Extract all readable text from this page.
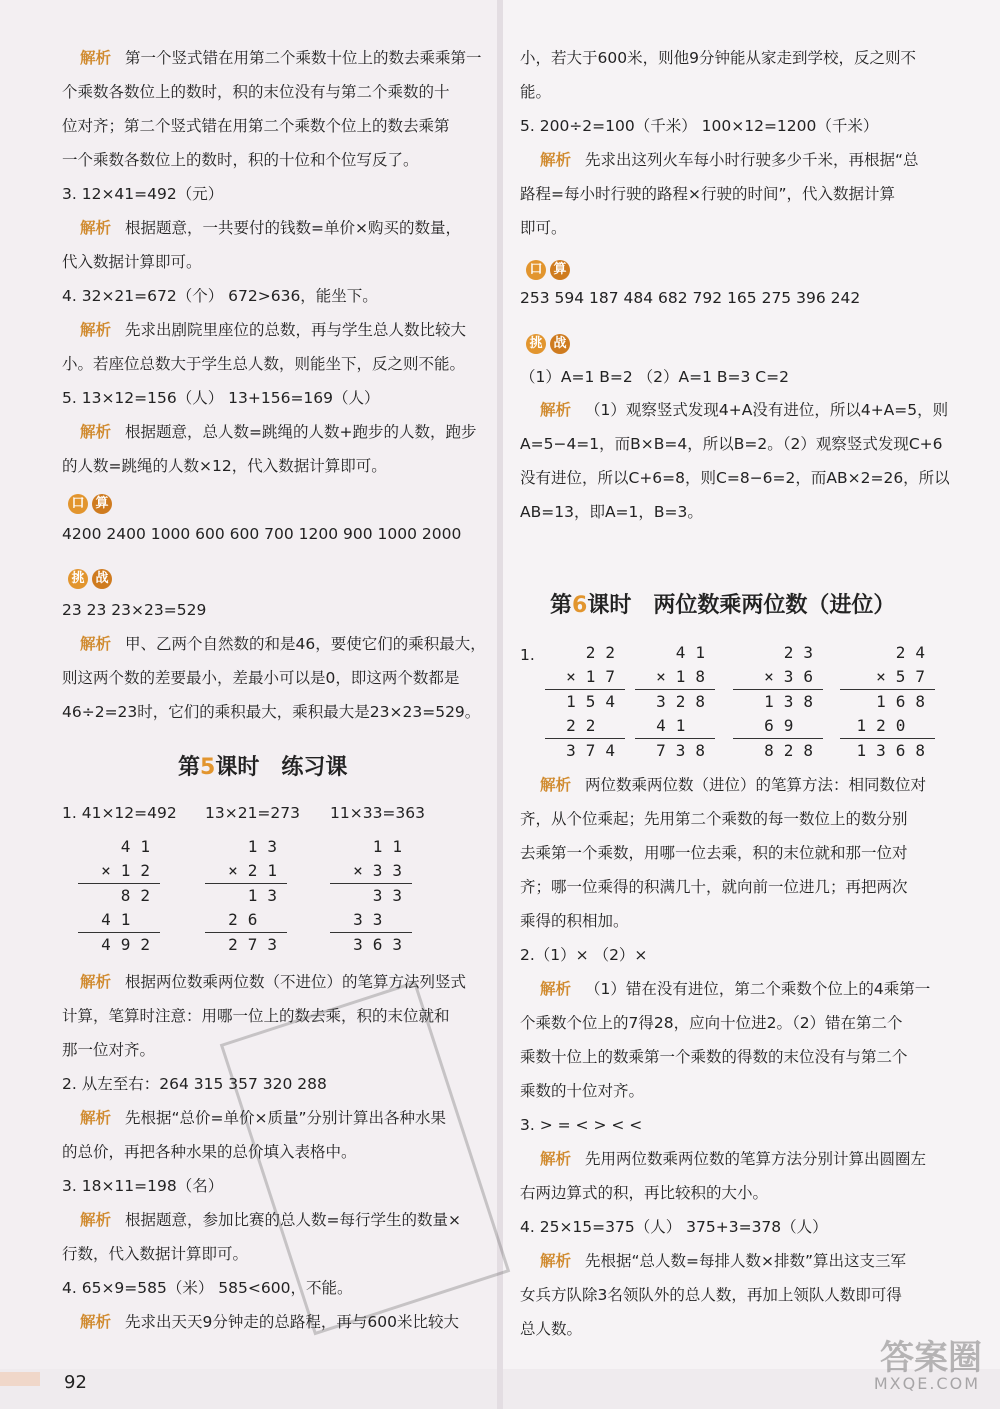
解析 第一个竖式错在用第二个乘数十位上的数去乘乘第一
个乘数各数位上的数时，积的末位没有与第二个乘数的十
位对齐；第二个竖式错在用第二个乘数个位上的数去乘第
一个乘数各数位上的数时，积的十位和个位写反了。
3. 12×41=492（元）
解析 根据题意，一共要付的钱数=单价×购买的数量，
代入数据计算即可。
4. 32×21=672（个） 672>636，能坐下。
解析 先求出剧院里座位的总数，再与学生总人数比较大
小。若座位总数大于学生总人数，则能坐下，反之则不能。
5. 13×12=156（人） 13+156=169（人）
解析 根据题意，总人数=跳绳的人数+跑步的人数，跑步
的人数=跳绳的人数×12，代入数据计算即可。
口 算
4200 2400 1000 600 600 700 1200 900 1000 2000
挑 战
23 23 23×23=529
解析 甲、乙两个自然数的和是46，要使它们的乘积最大，
则这两个数的差要最小，差最小可以是0，即这两个数都是
46÷2=23时，它们的乘积最大，乘积最大是23×23=529。
第5课时　练习课
1. 41×12=492 13×21=273 11×33=363
41
×12
82
41
492
13
×21
13
26
273
11
×33
33
33
363
解析 根据两位数乘两位数（不进位）的笔算方法列竖式
计算，笔算时注意：用哪一位上的数去乘，积的末位就和
那一位对齐。
2. 从左至右：264 315 357 320 288
解析 先根据“总价=单价×质量”分别计算出各种水果
的总价，再把各种水果的总价填入表格中。
3. 18×11=198（名）
解析 根据题意，参加比赛的总人数=每行学生的数量×
行数，代入数据计算即可。
4. 65×9=585（米） 585<600，不能。
解析 先求出天天9分钟走的总路程，再与600米比较大
小，若大于600米，则他9分钟能从家走到学校，反之则不
能。
5. 200÷2=100（千米） 100×12=1200（千米）
解析 先求出这列火车每小时行驶多少千米，再根据“总
路程=每小时行驶的路程×行驶的时间”，代入数据计算
即可。
口 算
253 594 187 484 682 792 165 275 396 242
挑 战
（1）A=1 B=2 （2）A=1 B=3 C=2
解析 （1）观察竖式发现4+A没有进位，所以4+A=5，则
A=5−4=1，而B×B=4，所以B=2。（2）观察竖式发现C+6
没有进位，所以C+6=8，则C=8−6=2，而AB×2=26，所以
AB=13，即A=1，B=3。
第6课时　两位数乘两位数（进位）
1.	22
×17
154
22
374
41
×18
328
41
738
23
×36
138
69
828
24
×57
168
120
1368
解析 两位数乘两位数（进位）的笔算方法：相同数位对
齐，从个位乘起；先用第二个乘数的每一数位上的数分别
去乘第一个乘数，用哪一位去乘，积的末位就和那一位对
齐；哪一位乘得的积满几十，就向前一位进几；再把两次
乘得的积相加。
2.（1）× （2）×
解析 （1）错在没有进位，第二个乘数个位上的4乘第一
个乘数个位上的7得28，应向十位进2。（2）错在第二个
乘数十位上的数乘第一个乘数的得数的末位没有与第二个
乘数的十位对齐。
3. > = < > < <
解析 先用两位数乘两位数的笔算方法分别计算出圆圈左
右两边算式的积，再比较积的大小。
4. 25×15=375（人） 375+3=378（人）
解析 先根据“总人数=每排人数×排数”算出这支三军
女兵方队除3名领队外的总人数，再加上领队人数即可得
总人数。
答案圈
MXQE.COM
92
